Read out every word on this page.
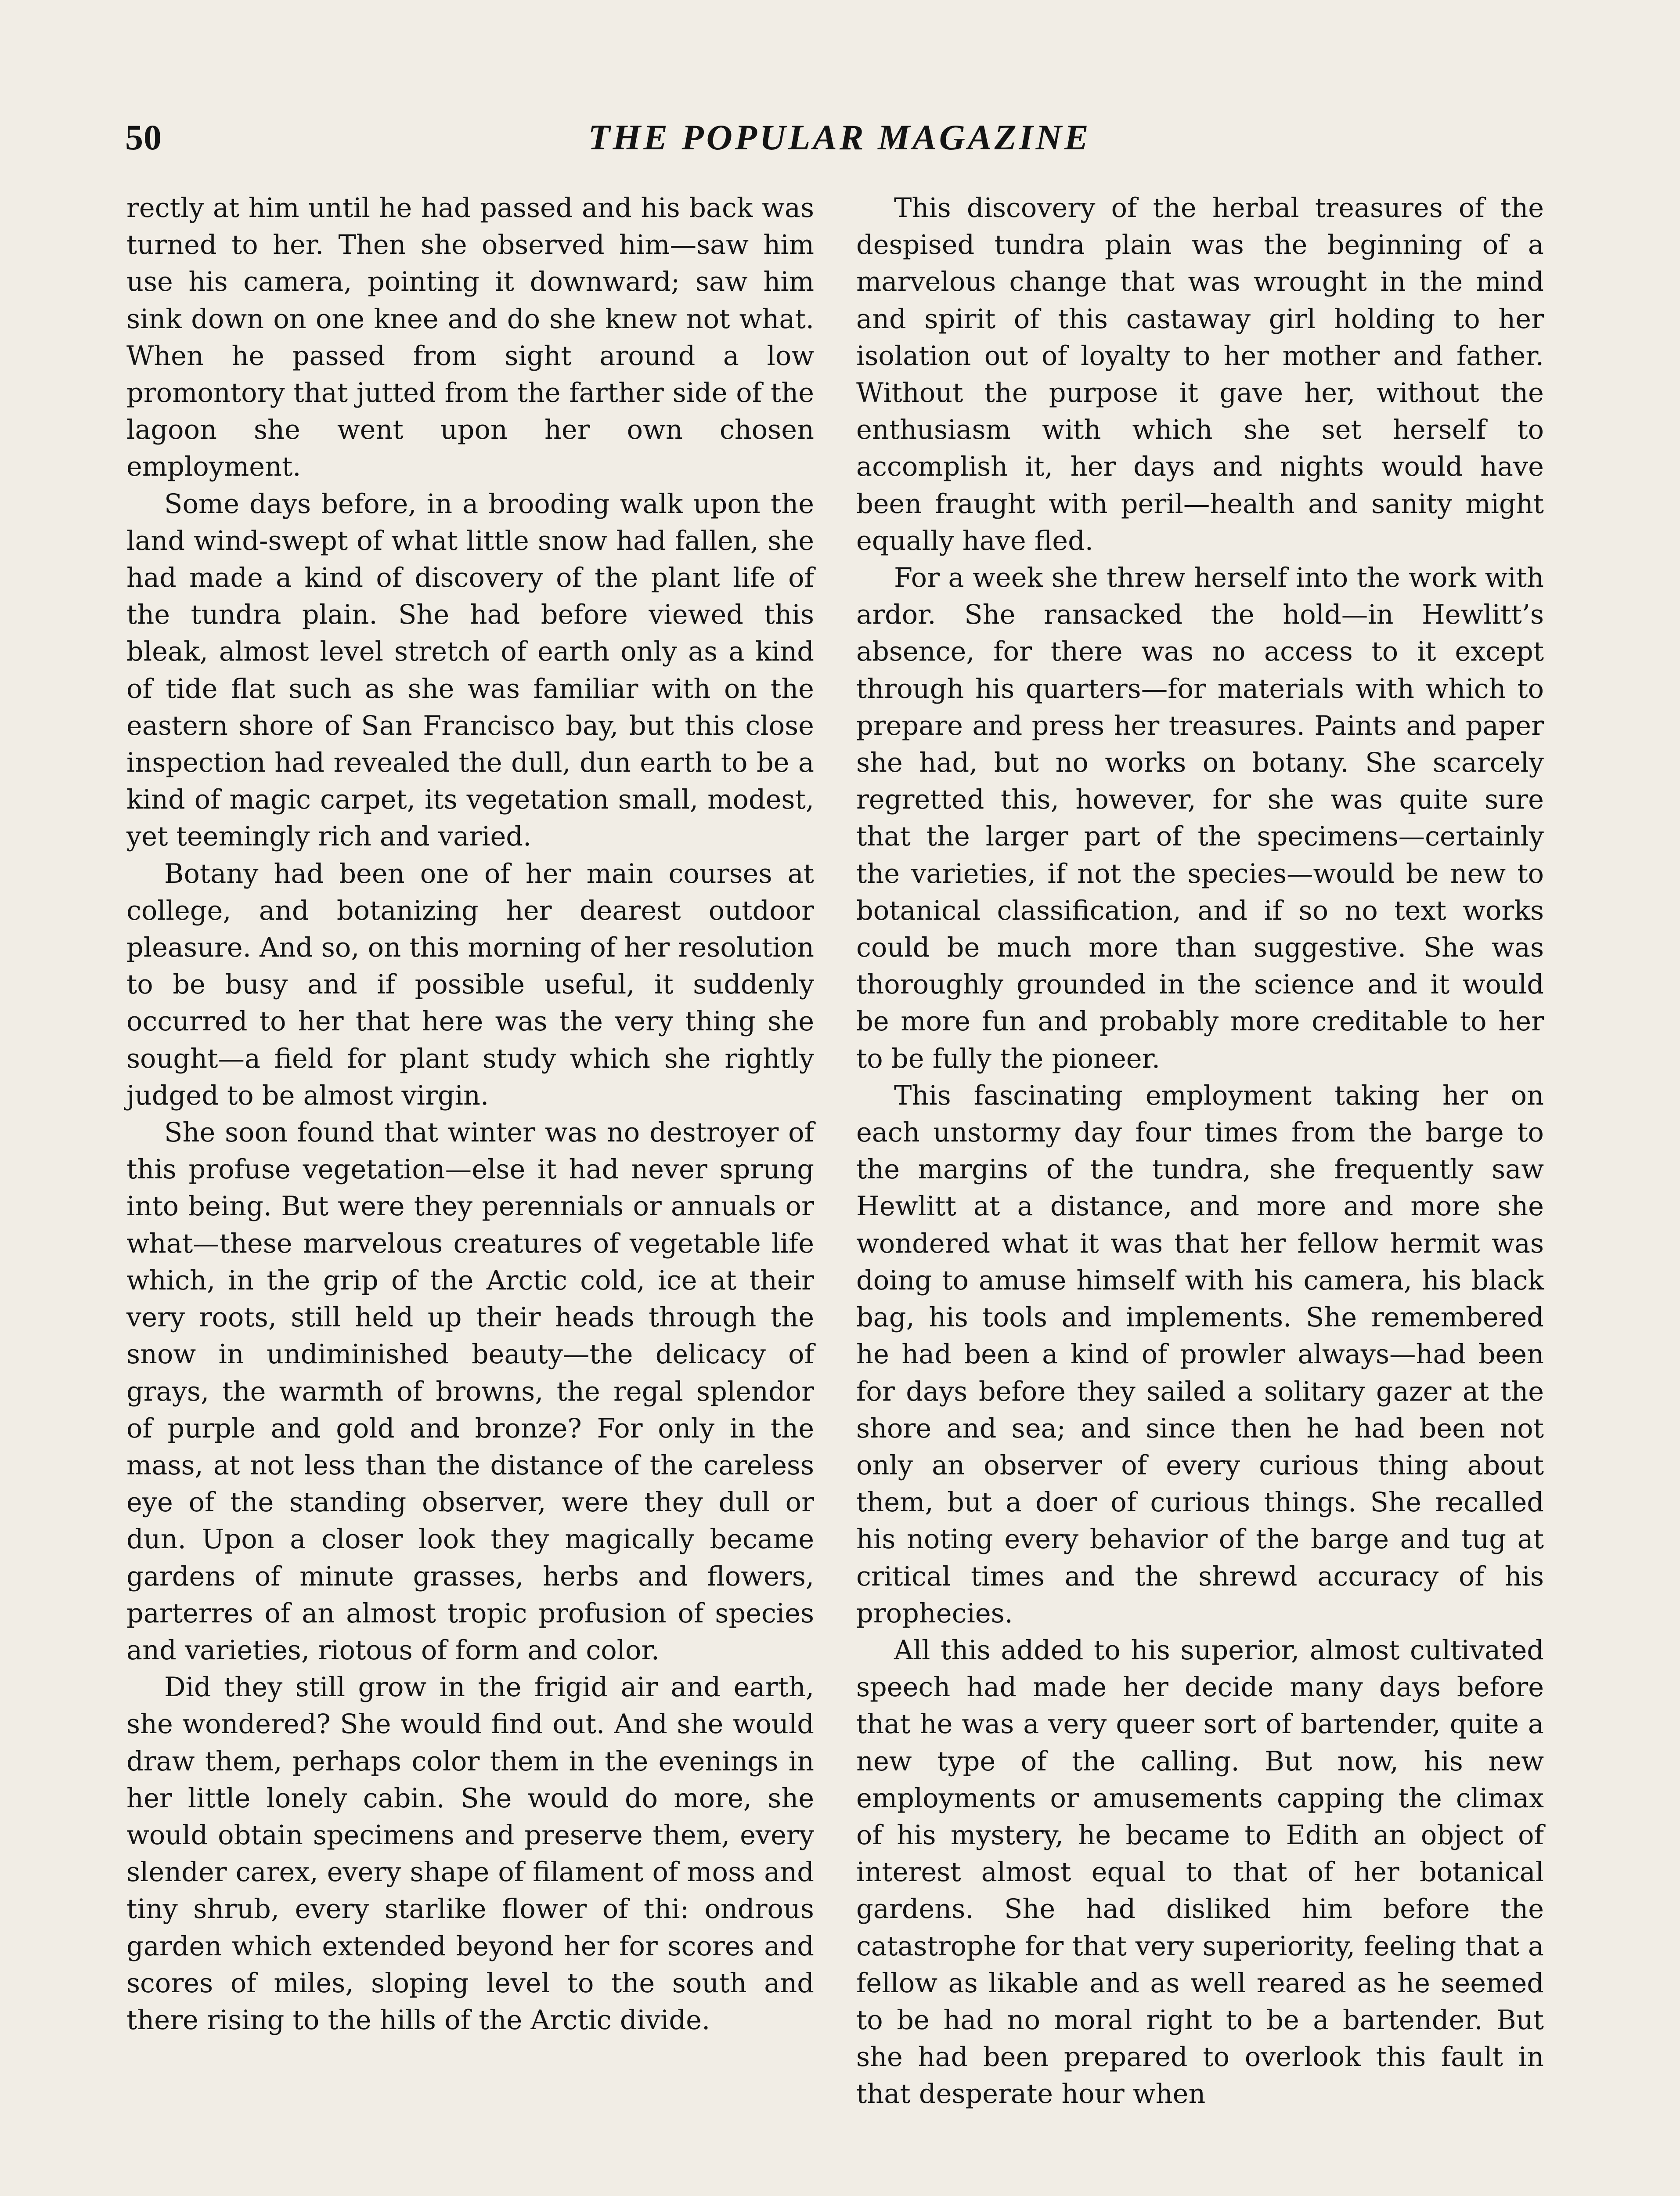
50	THE POPULAR MAGAZINE

rectly at him until he had passed and his back was turned to her. Then she observed him—saw him use his camera, pointing it downward; saw him sink down on one knee and do she knew not what. When he passed from sight around a low promontory that jutted from the farther side of the lagoon she went upon her own chosen employment.

Some days before, in a brooding walk upon the land wind-swept of what little snow had fallen, she had made a kind of discovery of the plant life of the tundra plain. She had before viewed this bleak, almost level stretch of earth only as a kind of tide flat such as she was familiar with on the eastern shore of San Francisco bay, but this close inspection had revealed the dull, dun earth to be a kind of magic carpet, its vegetation small, modest, yet teemingly rich and varied.

Botany had been one of her main courses at college, and botanizing her dearest outdoor pleasure. And so, on this morning of her resolution to be busy and if possible useful, it suddenly occurred to her that here was the very thing she sought—a field for plant study which she rightly judged to be almost virgin.

She soon found that winter was no destroyer of this profuse vegetation—else it had never sprung into being. But were they perennials or annuals or what—these marvelous creatures of vegetable life which, in the grip of the Arctic cold, ice at their very roots, still held up their heads through the snow in undiminished beauty—the delicacy of grays, the warmth of browns, the regal splendor of purple and gold and bronze? For only in the mass, at not less than the distance of the careless eye of the standing observer, were they dull or dun. Upon a closer look they magically became gardens of minute grasses, herbs and flowers, parterres of an almost tropic profusion of species and varieties, riotous of form and color.

Did they still grow in the frigid air and earth, she wondered? She would find out. And she would draw them, perhaps color them in the evenings in her little lonely cabin. She would do more, she would obtain specimens and preserve them, every slender carex, every shape of filament of moss and tiny shrub, every starlike flower of thi: ondrous garden which extended beyond her for scores and scores of miles, sloping level to the south and there rising to the hills of the Arctic divide.

This discovery of the herbal treasures of the despised tundra plain was the beginning of a marvelous change that was wrought in the mind and spirit of this castaway girl holding to her isolation out of loyalty to her mother and father. Without the purpose it gave her, without the enthusiasm with which she set herself to accomplish it, her days and nights would have been fraught with peril—health and sanity might equally have fled.

For a week she threw herself into the work with ardor. She ransacked the hold—in Hewlitt’s absence, for there was no access to it except through his quarters—for materials with which to prepare and press her treasures. Paints and paper she had, but no works on botany. She scarcely regretted this, however, for she was quite sure that the larger part of the specimens—certainly the varieties, if not the species—would be new to botanical classification, and if so no text works could be much more than suggestive. She was thoroughly grounded in the science and it would be more fun and probably more creditable to her to be fully the pioneer.

This fascinating employment taking her on each unstormy day four times from the barge to the margins of the tundra, she frequently saw Hewlitt at a distance, and more and more she wondered what it was that her fellow hermit was doing to amuse himself with his camera, his black bag, his tools and implements. She remembered he had been a kind of prowler always—had been for days before they sailed a solitary gazer at the shore and sea; and since then he had been not only an observer of every curious thing about them, but a doer of curious things. She recalled his noting every behavior of the barge and tug at critical times and the shrewd accuracy of his prophecies.

All this added to his superior, almost cultivated speech had made her decide many days before that he was a very queer sort of bartender, quite a new type of the calling. But now, his new employments or amusements capping the climax of his mystery, he became to Edith an object of interest almost equal to that of her botanical gardens. She had disliked him before the catastrophe for that very superiority, feeling that a fellow as likable and as well reared as he seemed to be had no moral right to be a bartender. But she had been prepared to overlook this fault in that desperate hour when
